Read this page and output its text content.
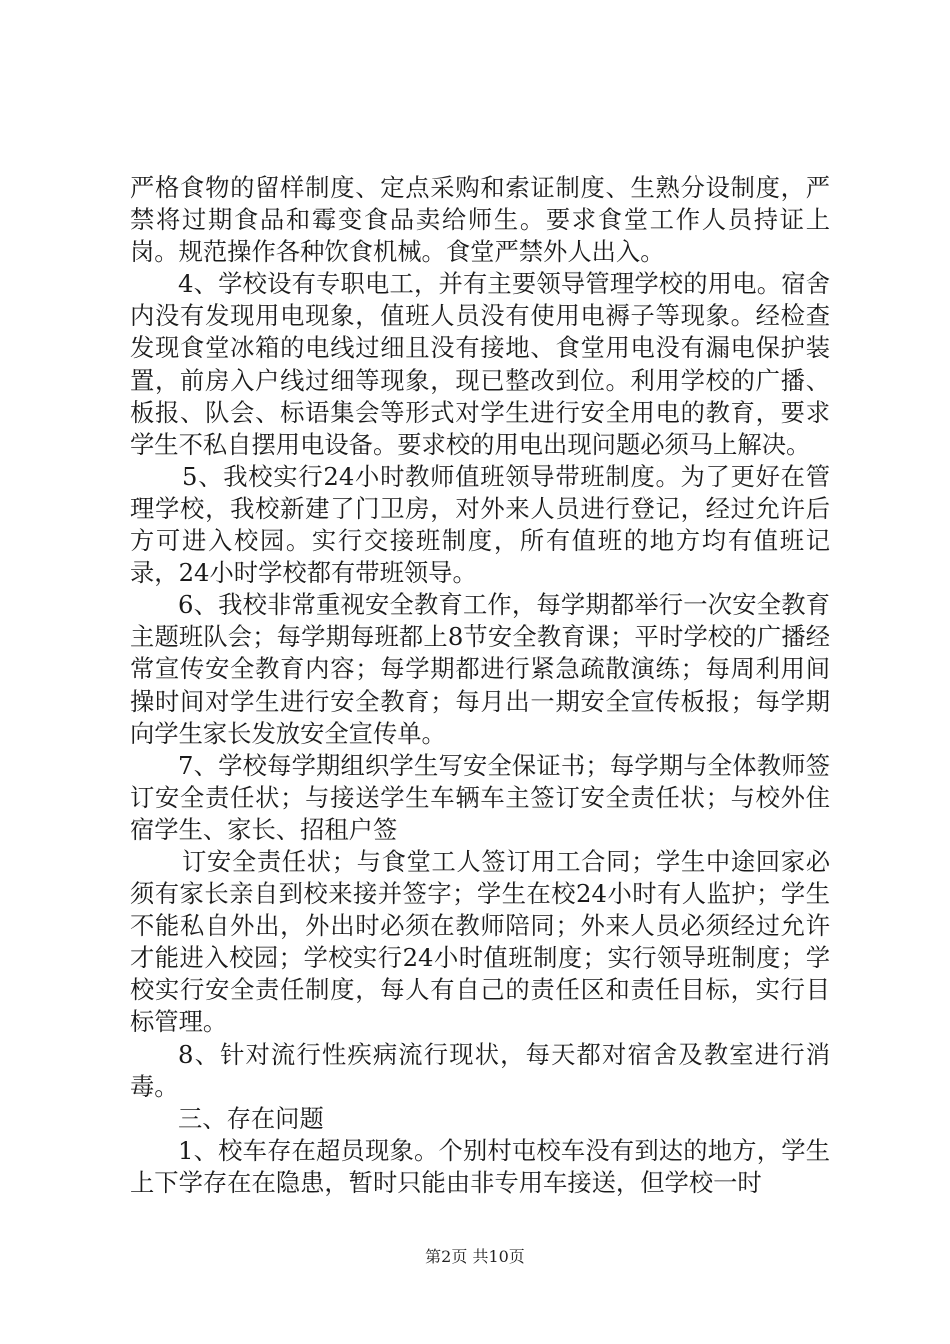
严格食物的留样制度、定点采购和索证制度、生熟分设制度，严禁将过期食品和霉变食品卖给师生。要求食堂工作人员持证上岗。规范操作各种饮食机械。食堂严禁外人出入。

4、学校设有专职电工，并有主要领导管理学校的用电。宿舍内没有发现用电现象，值班人员没有使用电褥子等现象。经检查发现食堂冰箱的电线过细且没有接地、食堂用电没有漏电保护装置，前房入户线过细等现象，现已整改到位。利用学校的广播、板报、队会、标语集会等形式对学生进行安全用电的教育，要求学生不私自摆用电设备。要求校的用电出现问题必须马上解决。

5、我校实行24小时教师值班领导带班制度。为了更好在管理学校，我校新建了门卫房，对外来人员进行登记，经过允许后方可进入校园。实行交接班制度，所有值班的地方均有值班记录，24小时学校都有带班领导。

6、我校非常重视安全教育工作，每学期都举行一次安全教育主题班队会；每学期每班都上8节安全教育课；平时学校的广播经常宣传安全教育内容；每学期都进行紧急疏散演练；每周利用间操时间对学生进行安全教育；每月出一期安全宣传板报；每学期向学生家长发放安全宣传单。

7、学校每学期组织学生写安全保证书；每学期与全体教师签订安全责任状；与接送学生车辆车主签订安全责任状；与校外住宿学生、家长、招租户签

订安全责任状；与食堂工人签订用工合同；学生中途回家必须有家长亲自到校来接并签字；学生在校24小时有人监护；学生不能私自外出，外出时必须在教师陪同；外来人员必须经过允许才能进入校园；学校实行24小时值班制度；实行领导班制度；学校实行安全责任制度，每人有自己的责任区和责任目标，实行目标管理。

8、针对流行性疾病流行现状，每天都对宿舍及教室进行消毒。

三、存在问题

1、校车存在超员现象。个别村屯校车没有到达的地方，学生上下学存在在隐患，暂时只能由非专用车接送，但学校一时

第2页 共10页
